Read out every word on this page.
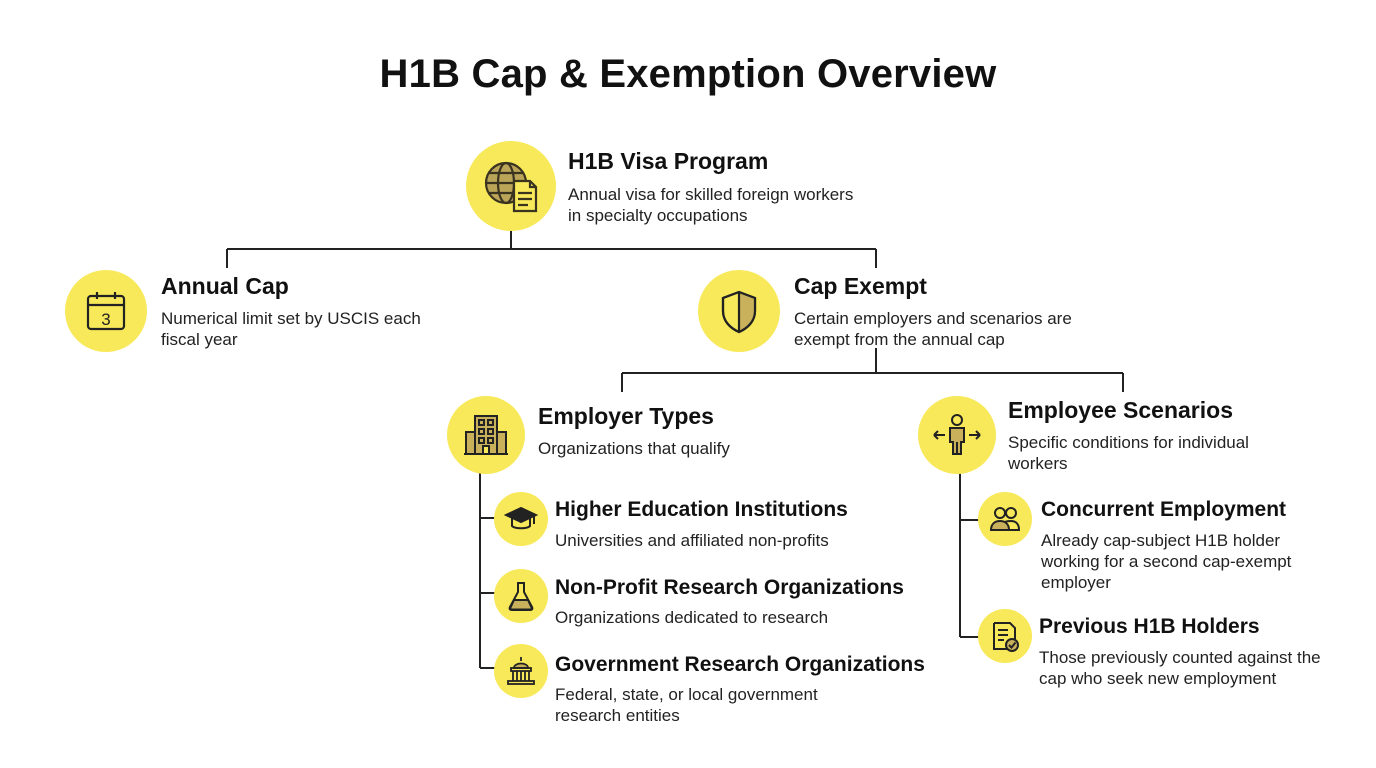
H1B Cap & Exemption Overview
H1B Visa Program
Annual visa for skilled foreign workers in specialty occupations
3
Annual Cap
Numerical limit set by USCIS each fiscal year
Cap Exempt
Certain employers and scenarios are exempt from the annual cap
Employer Types
Organizations that qualify
Higher Education Institutions
Universities and affiliated non-profits
Non-Profit Research Organizations
Organizations dedicated to research
Government Research Organizations
Federal, state, or local government research entities
Employee Scenarios
Specific conditions for individual workers
Concurrent Employment
Already cap-subject H1B holder working for a second cap-exempt employer
Previous H1B Holders
Those previously counted against the cap who seek new employment
